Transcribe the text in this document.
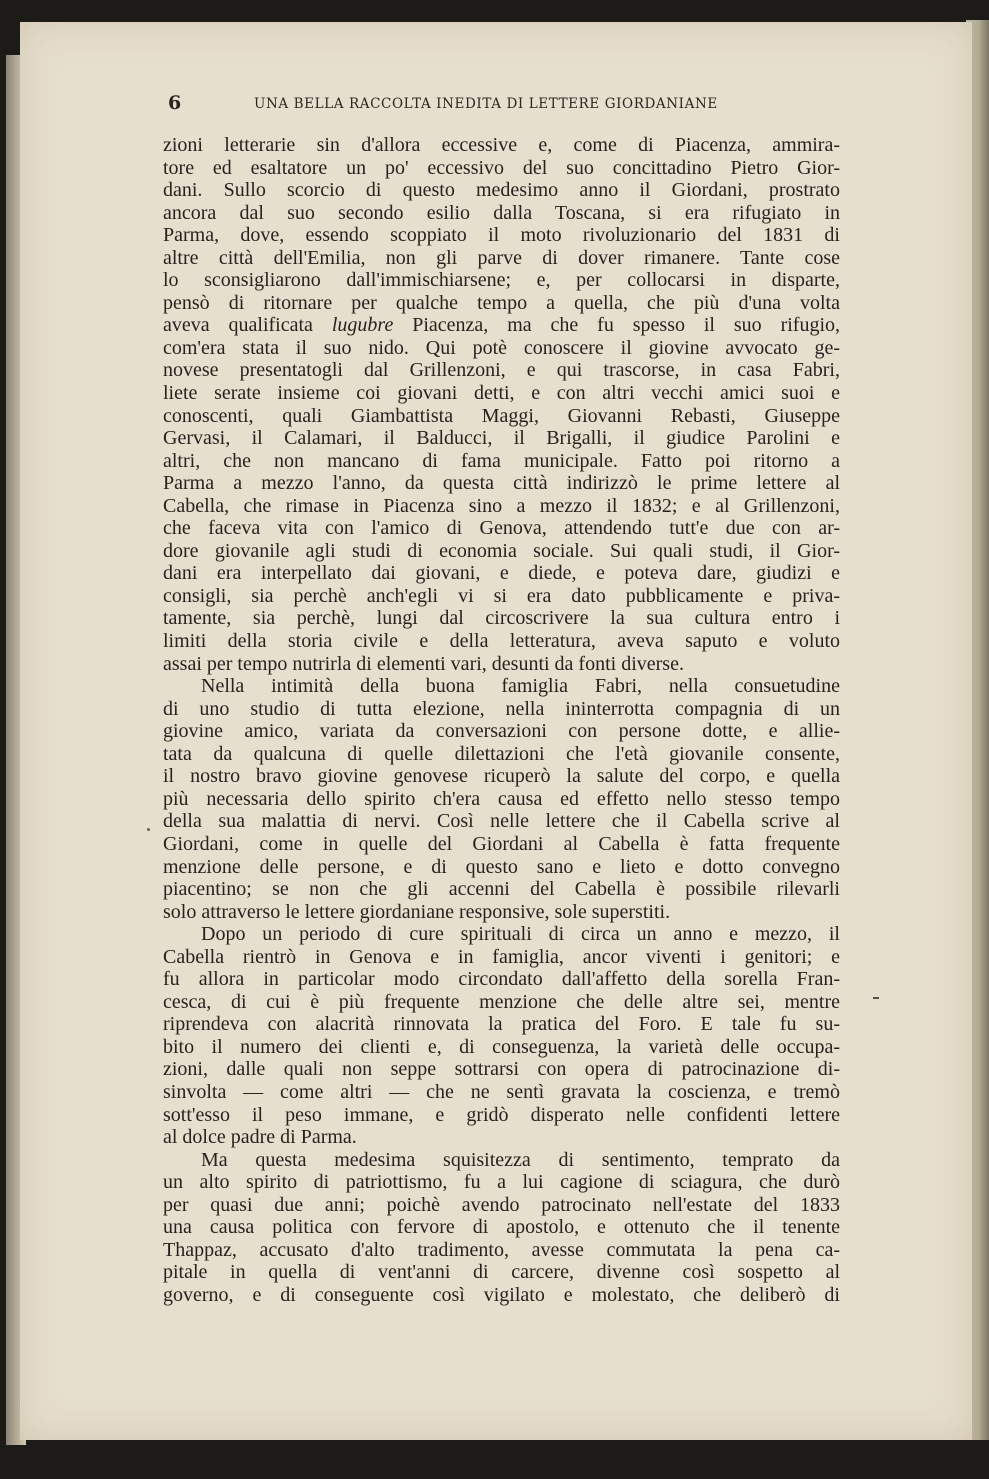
6	UNA BELLA RACCOLTA INEDITA DI LETTERE GIORDANIANE
zioni letterarie sin d'allora eccessive e, come di Piacenza, ammira-
tore ed esaltatore un po' eccessivo del suo concittadino Pietro Gior-
dani. Sullo scorcio di questo medesimo anno il Giordani, prostrato
ancora dal suo secondo esilio dalla Toscana, si era rifugiato in
Parma, dove, essendo scoppiato il moto rivoluzionario del 1831 di
altre città dell'Emilia, non gli parve di dover rimanere. Tante cose
lo sconsigliarono dall'immischiarsene; e, per collocarsi in disparte,
pensò di ritornare per qualche tempo a quella, che più d'una volta
aveva qualificata lugubre Piacenza, ma che fu spesso il suo rifugio,
com'era stata il suo nido. Qui potè conoscere il giovine avvocato ge-
novese presentatogli dal Grillenzoni, e qui trascorse, in casa Fabri,
liete serate insieme coi giovani detti, e con altri vecchi amici suoi e
conoscenti, quali Giambattista Maggi, Giovanni Rebasti, Giuseppe
Gervasi, il Calamari, il Balducci, il Brigalli, il giudice Parolini e
altri, che non mancano di fama municipale. Fatto poi ritorno a
Parma a mezzo l'anno, da questa città indirizzò le prime lettere al
Cabella, che rimase in Piacenza sino a mezzo il 1832; e al Grillenzoni,
che faceva vita con l'amico di Genova, attendendo tutt'e due con ar-
dore giovanile agli studi di economia sociale. Sui quali studi, il Gior-
dani era interpellato dai giovani, e diede, e poteva dare, giudizi e
consigli, sia perchè anch'egli vi si era dato pubblicamente e priva-
tamente, sia perchè, lungi dal circoscrivere la sua cultura entro i
limiti della storia civile e della letteratura, aveva saputo e voluto
assai per tempo nutrirla di elementi vari, desunti da fonti diverse.
Nella intimità della buona famiglia Fabri, nella consuetudine
di uno studio di tutta elezione, nella ininterrotta compagnia di un
giovine amico, variata da conversazioni con persone dotte, e allie-
tata da qualcuna di quelle dilettazioni che l'età giovanile consente,
il nostro bravo giovine genovese ricuperò la salute del corpo, e quella
più necessaria dello spirito ch'era causa ed effetto nello stesso tempo
della sua malattia di nervi. Così nelle lettere che il Cabella scrive al
Giordani, come in quelle del Giordani al Cabella è fatta frequente
menzione delle persone, e di questo sano e lieto e dotto convegno
piacentino; se non che gli accenni del Cabella è possibile rilevarli
solo attraverso le lettere giordaniane responsive, sole superstiti.
Dopo un periodo di cure spirituali di circa un anno e mezzo, il
Cabella rientrò in Genova e in famiglia, ancor viventi i genitori; e
fu allora in particolar modo circondato dall'affetto della sorella Fran-
cesca, di cui è più frequente menzione che delle altre sei, mentre
riprendeva con alacrità rinnovata la pratica del Foro. E tale fu su-
bito il numero dei clienti e, di conseguenza, la varietà delle occupa-
zioni, dalle quali non seppe sottrarsi con opera di patrocinazione di-
sinvolta — come altri — che ne sentì gravata la coscienza, e tremò
sott'esso il peso immane, e gridò disperato nelle confidenti lettere
al dolce padre di Parma.
Ma questa medesima squisitezza di sentimento, temprato da
un alto spirito di patriottismo, fu a lui cagione di sciagura, che durò
per quasi due anni; poichè avendo patrocinato nell'estate del 1833
una causa politica con fervore di apostolo, e ottenuto che il tenente
Thappaz, accusato d'alto tradimento, avesse commutata la pena ca-
pitale in quella di vent'anni di carcere, divenne così sospetto al
governo, e di conseguente così vigilato e molestato, che deliberò di
